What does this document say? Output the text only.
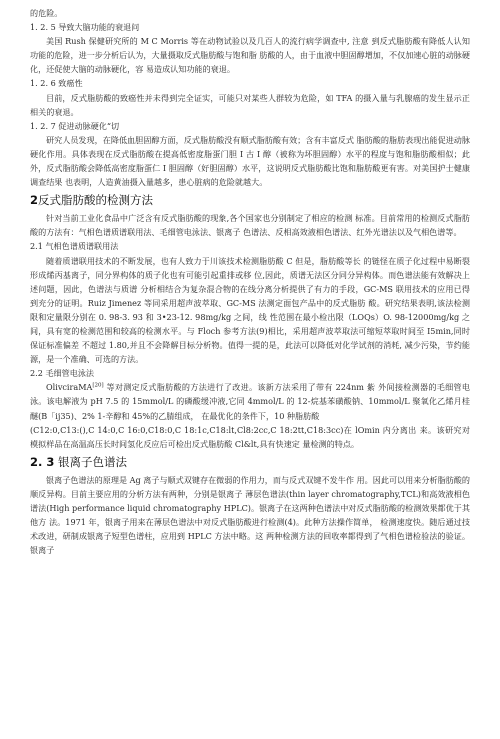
的危险。

1. 2. 5 导致大脑功能的衰退问

美国 Rush 保健研究所的 M C Morris 等在动物试验以及几百人的流行病学调查中, 注意 到反式脂肪酸有降低人认知功能的危险，进一步分析后认为，大量摄取反式脂肪酸与饱和脂 肪酸的人，由于血液中胆固醇增加，不仅加速心脏的动脉硬化，还促使大脑的动脉硬化，容 易造成认知功能的衰退。

1. 2. 6 致癌性

目前，反式脂肪酸的致癌性并未得到完全证实，可能只对某些人群较为危险，如 TFA 的摄入量与乳腺癌的发生显示正相关的衰退。

1. 2. 7 促进动脉硬化“切

研究人员发现，在降低血胆固醇方面，反式脂肪酸没有顺式脂肪酸有效；含有丰富反式 脂肪酸的脂肪表现出能促进动脉硬化作用。具体表现在反式脂肪酸在提高低密度脂蛋门胆 I 古 I 醇（被称为坏胆固醇）水平的程度与饱和脂肪酸相似；此外，反式脂肪酸会降低高密度脂蛋仁 I 胆固醇（好胆固醇）水平，这说明反式脂肪酸比饱和脂肪酸更有害。对美国护士健康调查结果 也表明，人造黄油摄入量越多，患心脏病的危险就越大。

2反式脂肪酸的检测方法

针对当前工业化食品中广泛含有反式脂肪酸的现象,各个国家也分别制定了相应的检测 标准。目前常用的检测反式脂肪酸的方法有：气相色谱质谱联用法、毛细管电泳法、银离子 色谱法、反相高效液相色谱法、红外光谱法以及气相色谱等。

2.1 气相色谱质谱联用法

随着质谱联用技术的不断发展，也有人致力于川该技术检测脂肪酸 C 但是，脂肪酸等长 的链怪在质子化过程中易断裂形成烯丙基离子，同分界构体的质子化也有可能引起重排或移 位,因此，质谱无法区分同分异构体。而色谱法能有效解决上述问题，因此，色谱法与质谱 分析相结合为复杂混合物的在线分离分析提供了有力的手段，GC-MS 联用技术的应用已得 到充分的证明。Ruiz Jimenez 等同采用超声波萃取、GC-MS 法测定面包产品中的反式脂肪 酸。研究结果表明,该法检测限和定量限分别在 0. 98-3. 93 和 3•23-12. 98mg/kg 之间，线 性范围在最小检出限（LOQs）O. 98-12000mg/kg 之间，具有宽的检测范围和较高的检测水平。与 Floch 参考方法(9)相比，采用超声波萃取法可缩短萃取时间至 I5min,同时保证标准偏差 不超过 1.80,并且不会降解目标分析物。值得一提的是，此法可以降低对化学试剂的消耗, 减少污染，节约能源，是一个准确、可选的方法。

2.2 毛细管电泳法

OlivciraMA[20] 等对测定反式脂肪酸的方法进行了改进。该新方法采用了带有 224nm 紫 外间接检测器的毛细管电泳。该电解液为 pH 7.5 的 15mmol/L 的磷酸缓冲液,它同 4mmol/L 的 12-烷基苯磺酸钠、10mmol/L 聚氧化乙烯月桂醚(B「ij35)、2% 1-辛醇和 45%的乙腈组成， 在最优化的条件下，10 种脂肪酸

(C12:0,C13:(),C 14:0,C 16:0,C18:0,C 18:1c,C18:lt,Cl8:2cc,C 18:2tt,C18:3cc)在 lOmin 内分离出 来。该研究对模拟样品在高温高压长时间氢化反应后可检出反式脂肪酸 Cl&lt,具有快速定 量检测的特点。

2. 3 银离子色谱法

银离子色谱法的原理是 Ag 离子与顺式双键存在微弱的作用力，而与反式双键不发牛作 用。因此可以用来分析脂肪酸的顺反异构。目前主要应用的分析方法有两种，分别是银离子 薄层色谱法(thin layer chromatography,TCL)和高效液相色谱法(High performance liquid chromatography HPLC)。银离子在这两种色谱法中对反式脂肪酸的检测效果都优于其他方 法。1971 年，银离子用来在薄层色谱法中对反式脂肪酸进行检测(4)。此种方法操作简单， 检测速度快。随后通过技术改进，研制成银离子短型色谱柱，应用到 HPLC 方法中略。这 两种检测方法的回收率都得到了气相色谱检验法的验证。银离子
